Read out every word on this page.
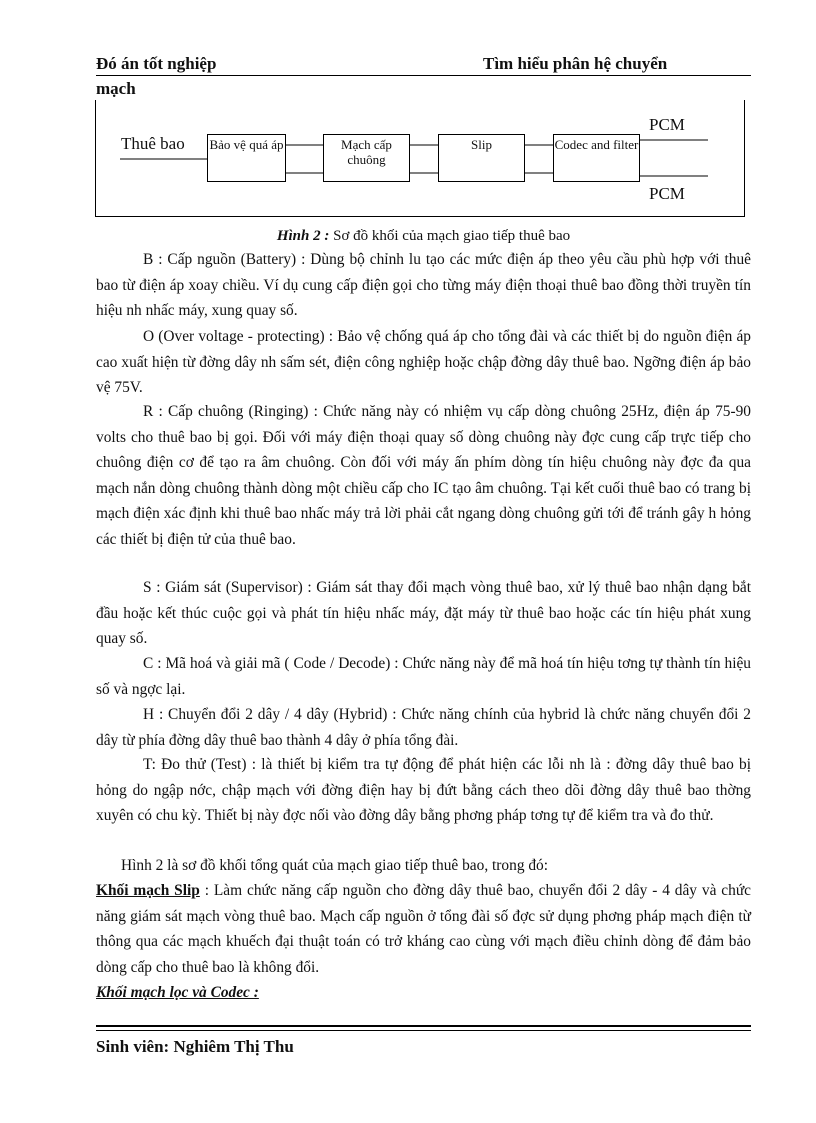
Đó án tốt nghiệp	Tìm hiểu phân hệ chuyển
mạch
Thuê bao Bảo vệ quá áp	Mạch cấp chuông
Slip	Codec and filter
PCM
PCM
Hình 2 : Sơ đồ khối của mạch giao tiếp thuê bao

B : Cấp nguồn (Battery) : Dùng bộ chỉnh lu tạo các mức điện áp theo yêu cầu phù hợp với thuê bao từ điện áp xoay chiều. Ví dụ cung cấp điện gọi cho từng máy điện thoại thuê bao đồng thời truyền tín hiệu nh nhấc máy, xung quay số.

O (Over voltage - protecting) : Bảo vệ chống quá áp cho tổng đài và các thiết bị do nguồn điện áp cao xuất hiện từ đờng dây nh sấm sét, điện công nghiệp hoặc chập đờng dây thuê bao. Ngỡng điện áp bảo vệ 75V.

R : Cấp chuông (Ringing) : Chức năng này có nhiệm vụ cấp dòng chuông 25Hz, điện áp 75-90 volts cho thuê bao bị gọi. Đối với máy điện thoại quay số dòng chuông này đợc cung cấp trực tiếp cho chuông điện cơ để tạo ra âm chuông. Còn đối với máy ấn phím dòng tín hiệu chuông này đợc đa qua mạch nắn dòng chuông thành dòng một chiều cấp cho IC tạo âm chuông. Tại kết cuối thuê bao có trang bị mạch điện xác định khi thuê bao nhấc máy trả lời phải cắt ngang dòng chuông gửi tới để tránh gây h hỏng các thiết bị điện tử của thuê bao.

S : Giám sát (Supervisor) : Giám sát thay đổi mạch vòng thuê bao, xử lý thuê bao nhận dạng bắt đầu hoặc kết thúc cuộc gọi và phát tín hiệu nhấc máy, đặt máy từ thuê bao hoặc các tín hiệu phát xung quay số.

C : Mã hoá và giải mã ( Code / Decode) : Chức năng này để mã hoá tín hiệu tơng tự thành tín hiệu số và ngợc lại.

H : Chuyển đổi 2 dây / 4 dây (Hybrid) : Chức năng chính của hybrid là chức năng chuyển đổi 2 dây từ phía đờng dây thuê bao thành 4 dây ở phía tổng đài.

T: Đo thử (Test) : là thiết bị kiểm tra tự động để phát hiện các lỗi nh là : đờng dây thuê bao bị hỏng do ngập nớc, chập mạch với đờng điện hay bị đứt bằng cách theo dõi đờng dây thuê bao thờng xuyên có chu kỳ. Thiết bị này đợc nối vào đờng dây bằng phơng pháp tơng tự để kiểm tra và đo thử.

Hình 2 là sơ đồ khối tổng quát của mạch giao tiếp thuê bao, trong đó:

Khối mạch Slip : Làm chức năng cấp nguồn cho đờng dây thuê bao, chuyển đổi 2 dây - 4 dây và chức năng giám sát mạch vòng thuê bao. Mạch cấp nguồn ở tổng đài số đợc sử dụng phơng pháp mạch điện từ thông qua các mạch khuếch đại thuật toán có trở kháng cao cùng với mạch điều chỉnh dòng để đảm bảo dòng cấp cho thuê bao là không đổi.

Khối mạch lọc và Codec :

Sinh viên: Nghiêm Thị Thu
